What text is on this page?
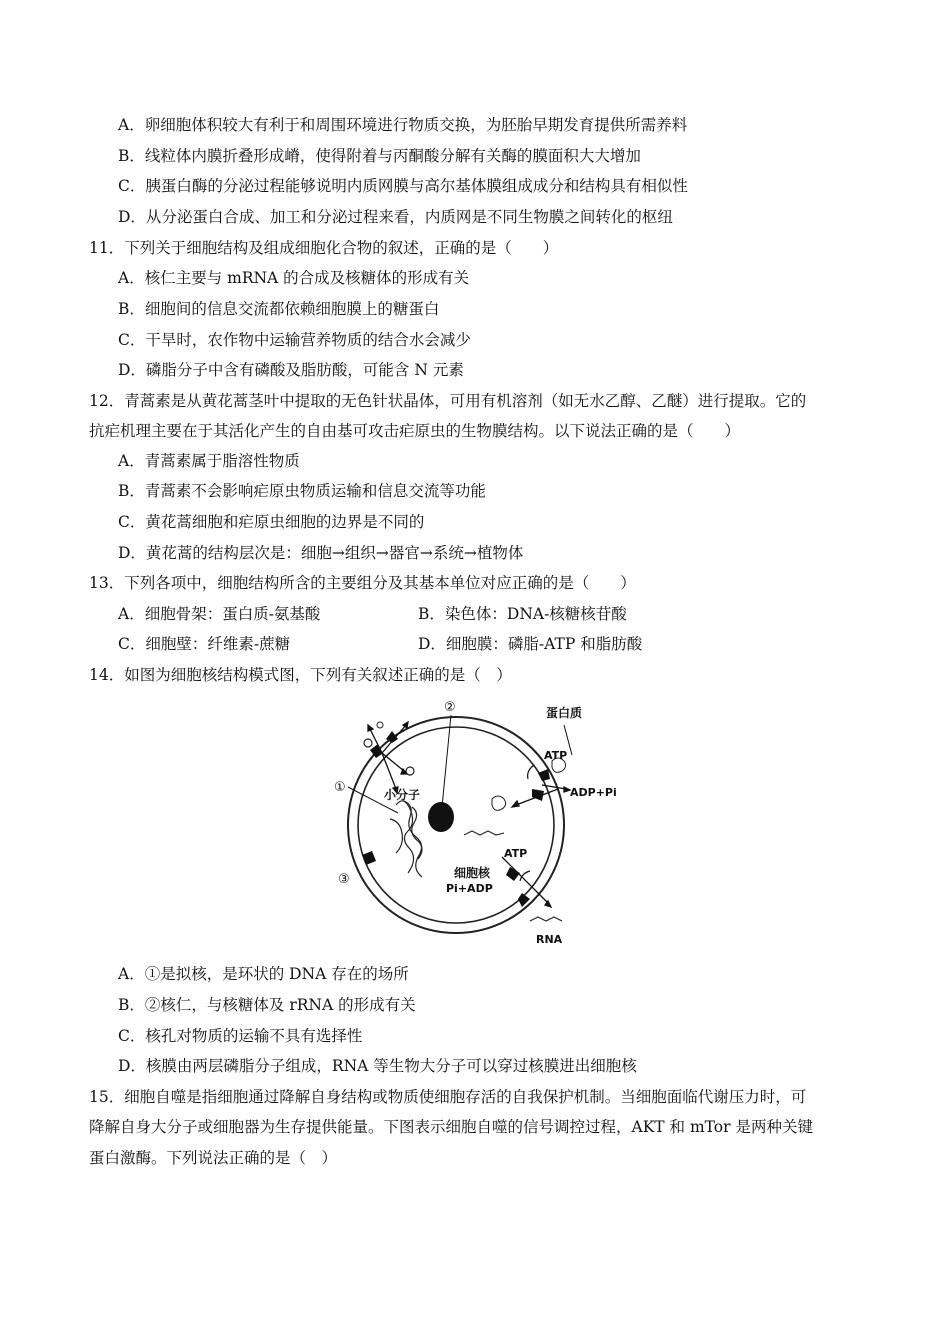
A．卵细胞体积较大有利于和周围环境进行物质交换，为胚胎早期发育提供所需养料
B．线粒体内膜折叠形成嵴，使得附着与丙酮酸分解有关酶的膜面积大大增加
C．胰蛋白酶的分泌过程能够说明内质网膜与高尔基体膜组成成分和结构具有相似性
D．从分泌蛋白合成、加工和分泌过程来看，内质网是不同生物膜之间转化的枢纽
11．下列关于细胞结构及组成细胞化合物的叙述，正确的是（　　）
A．核仁主要与 mRNA 的合成及核糖体的形成有关
B．细胞间的信息交流都依赖细胞膜上的糖蛋白
C．干旱时，农作物中运输营养物质的结合水会减少
D．磷脂分子中含有磷酸及脂肪酸，可能含 N 元素
12．青蒿素是从黄花蒿茎叶中提取的无色针状晶体，可用有机溶剂（如无水乙醇、乙醚）进行提取。它的
抗疟机理主要在于其活化产生的自由基可攻击疟原虫的生物膜结构。以下说法正确的是（　　）
A．青蒿素属于脂溶性物质
B．青蒿素不会影响疟原虫物质运输和信息交流等功能
C．黄花蒿细胞和疟原虫细胞的边界是不同的
D．黄花蒿的结构层次是：细胞→组织→器官→系统→植物体
13．下列各项中，细胞结构所含的主要组分及其基本单位对应正确的是（　　）
A．细胞骨架：蛋白质-氨基酸	B．染色体：DNA-核糖核苷酸
C．细胞壁：纤维素-蔗糖	D．细胞膜：磷脂-ATP 和脂肪酸
14．如图为细胞核结构模式图，下列有关叙述正确的是（　）
②	蛋白质
ATP
ADP+Pi
①	小分子
ATP
细胞核
Pi+ADP
③
RNA
A．①是拟核，是环状的 DNA 存在的场所
B．②核仁，与核糖体及 rRNA 的形成有关
C．核孔对物质的运输不具有选择性
D．核膜由两层磷脂分子组成，RNA 等生物大分子可以穿过核膜进出细胞核
15．细胞自噬是指细胞通过降解自身结构或物质使细胞存活的自我保护机制。当细胞面临代谢压力时，可
降解自身大分子或细胞器为生存提供能量。下图表示细胞自噬的信号调控过程，AKT 和 mTor 是两种关键
蛋白激酶。下列说法正确的是（　）
